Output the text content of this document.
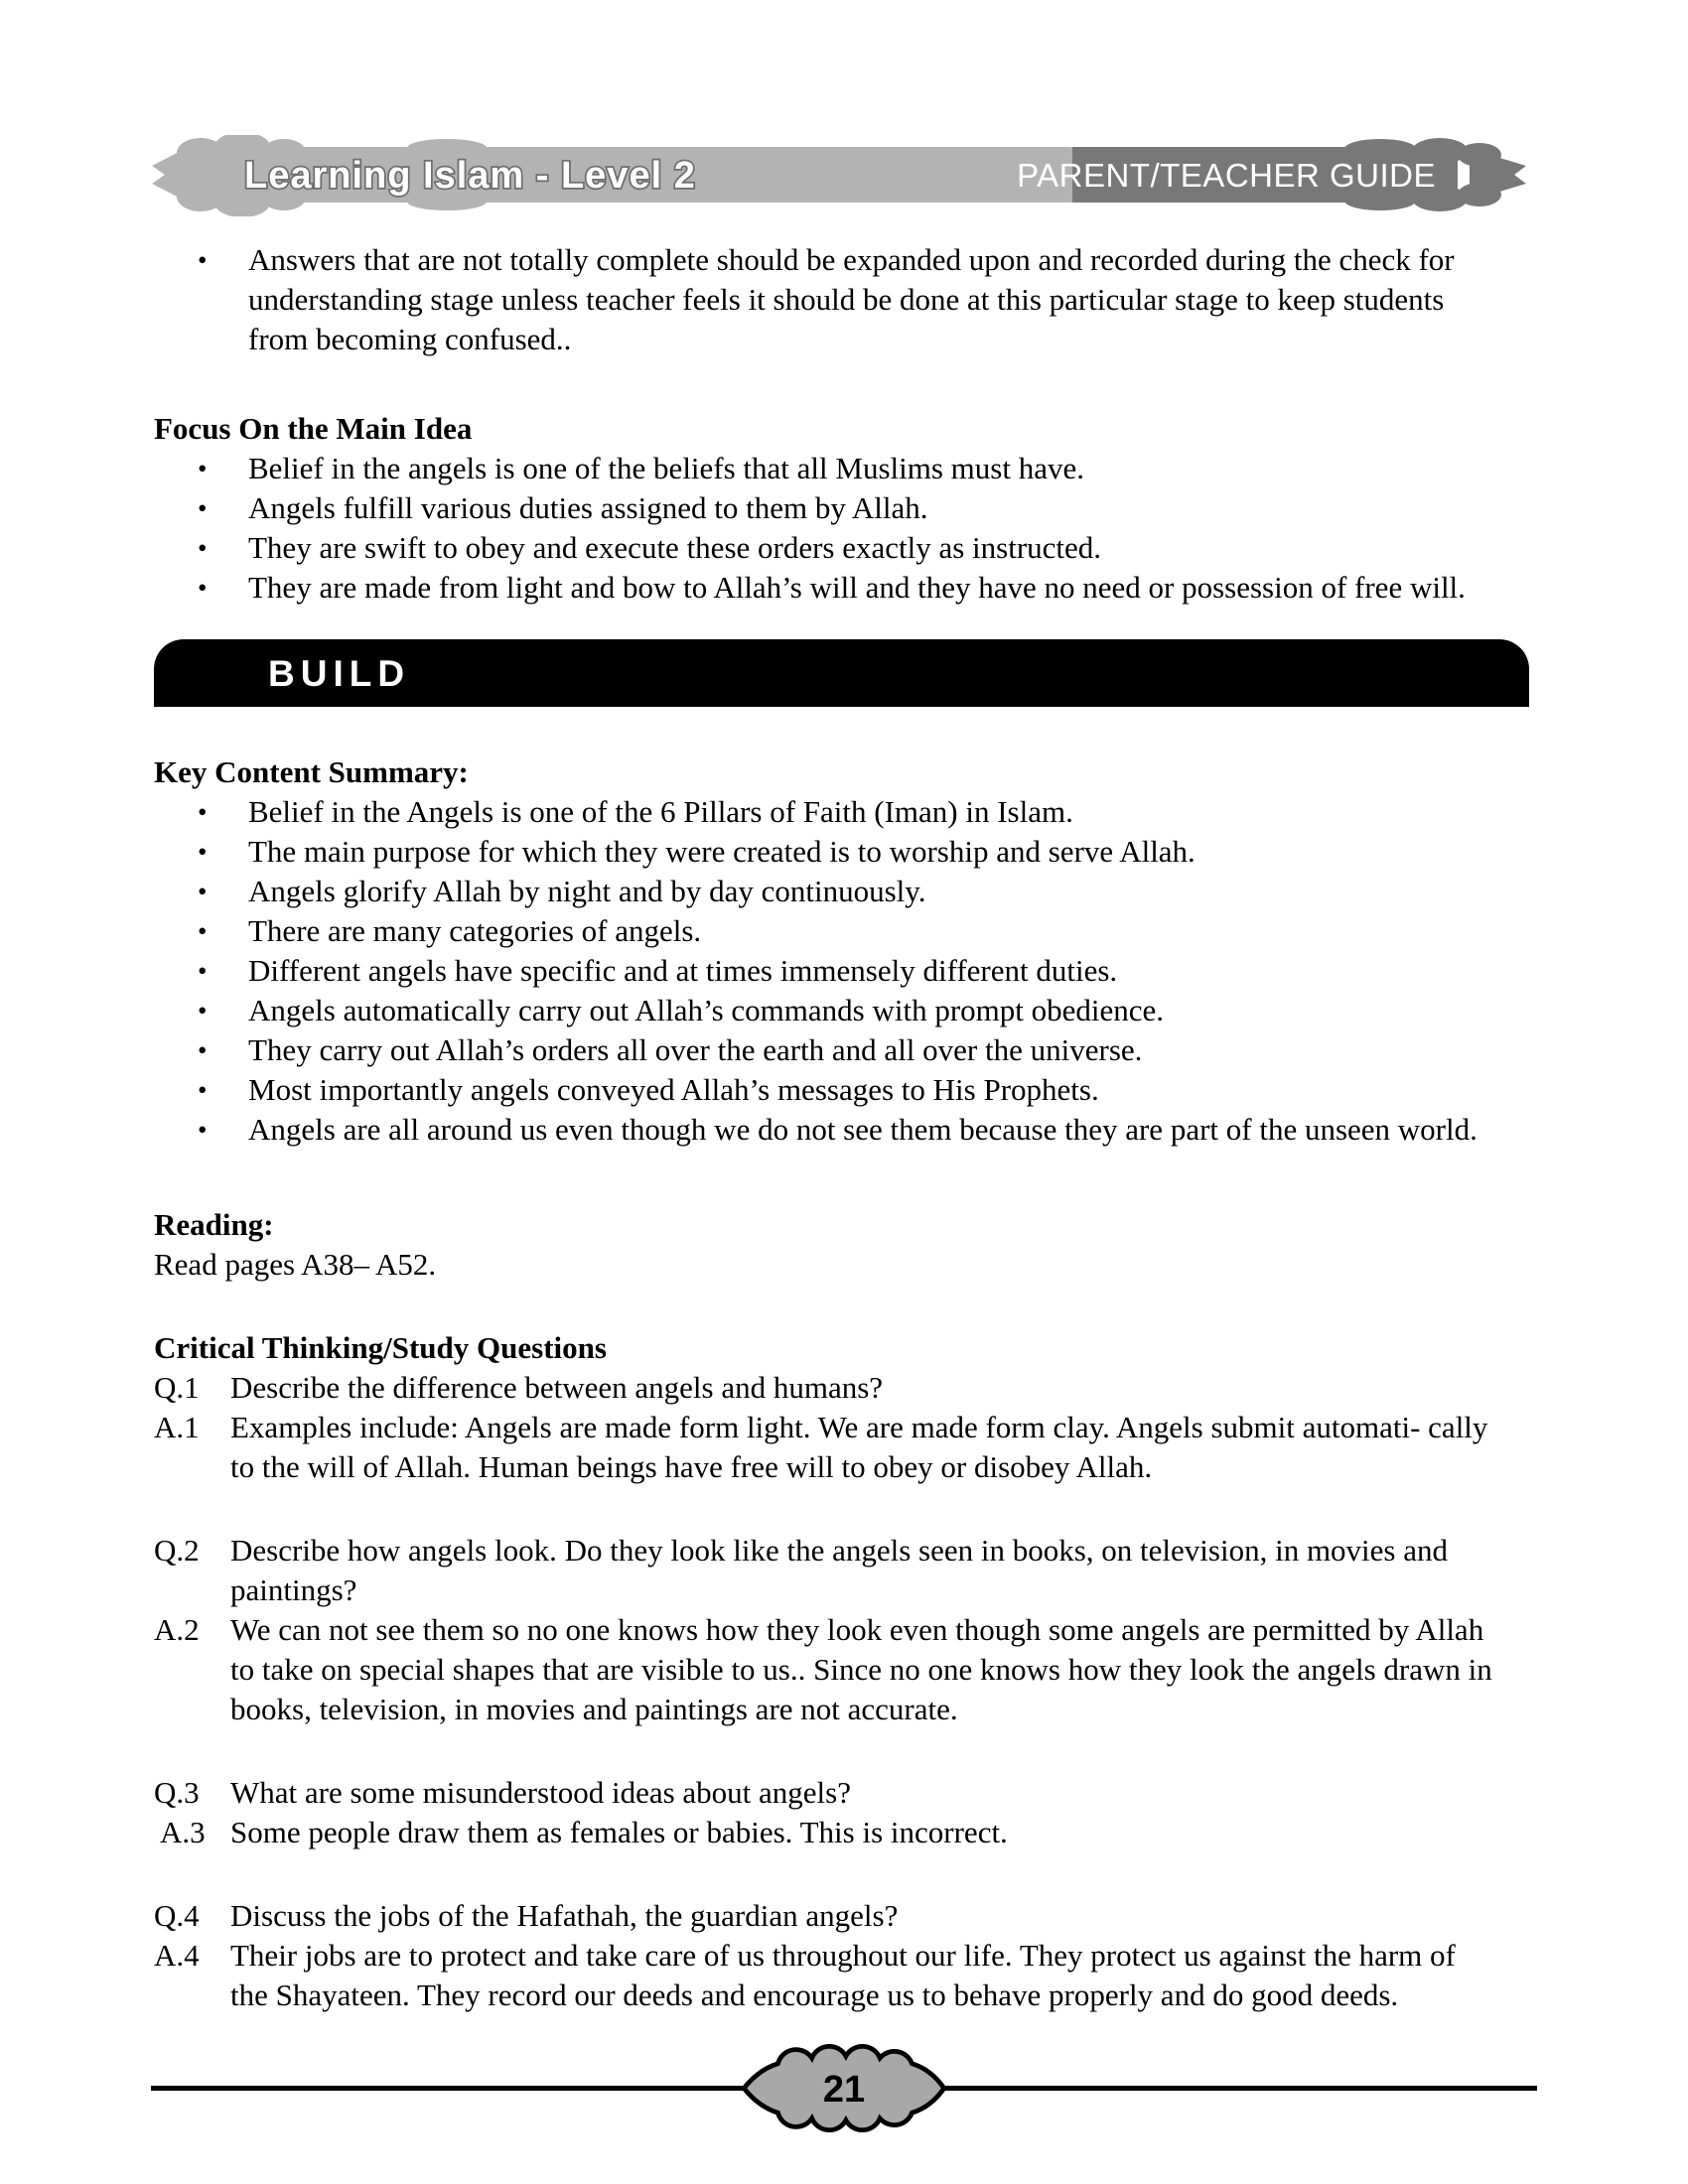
Learning Islam - Level 2	PARENT/TEACHER GUIDE
•	Answers that are not totally complete should be expanded upon and recorded during the check for understanding stage unless teacher feels it should be done at this particular stage to keep students from becoming confused..
Focus On the Main Idea
•	Belief in the angels is one of the beliefs that all Muslims must have.
•	Angels fulfill various duties assigned to them by Allah.
•	They are swift to obey and execute these orders exactly as instructed.
•	They are made from light and bow to Allah’s will and they have no need or possession of free will.
BUILD
Key Content Summary:
•	Belief in the Angels is one of the 6 Pillars of Faith (Iman) in Islam.
•	The main purpose for which they were created is to worship and serve Allah.
•	Angels glorify Allah by night and by day continuously.
•	There are many categories of angels.
•	Different angels have specific and at times immensely different duties.
•	Angels automatically carry out Allah’s commands with prompt obedience.
•	They carry out Allah’s orders all over the earth and all over the universe.
•	Most importantly angels conveyed Allah’s messages to His Prophets.
•	Angels are all around us even though we do not see them because they are part of the unseen world.
Reading:
Read pages A38– A52.
Critical Thinking/Study Questions
Q.1	Describe the difference between angels and humans?
A.1	Examples include: Angels are made form light. We are made form clay. Angels submit automati- cally to the will of Allah. Human beings have free will to obey or disobey Allah.
Q.2	Describe how angels look. Do they look like the angels seen in books, on television, in movies and paintings?
A.2	We can not see them so no one knows how they look even though some angels are permitted by Allah to take on special shapes that are visible to us.. Since no one knows how they look the angels drawn in books, television, in movies and paintings are not accurate.
Q.3	What are some misunderstood ideas about angels?
A.3 Some people draw them as females or babies. This is incorrect.
Q.4	Discuss the jobs of the Hafathah, the guardian angels?
A.4	Their jobs are to protect and take care of us throughout our life. They protect us against the harm of the Shayateen. They record our deeds and encourage us to behave properly and do good deeds.
21
